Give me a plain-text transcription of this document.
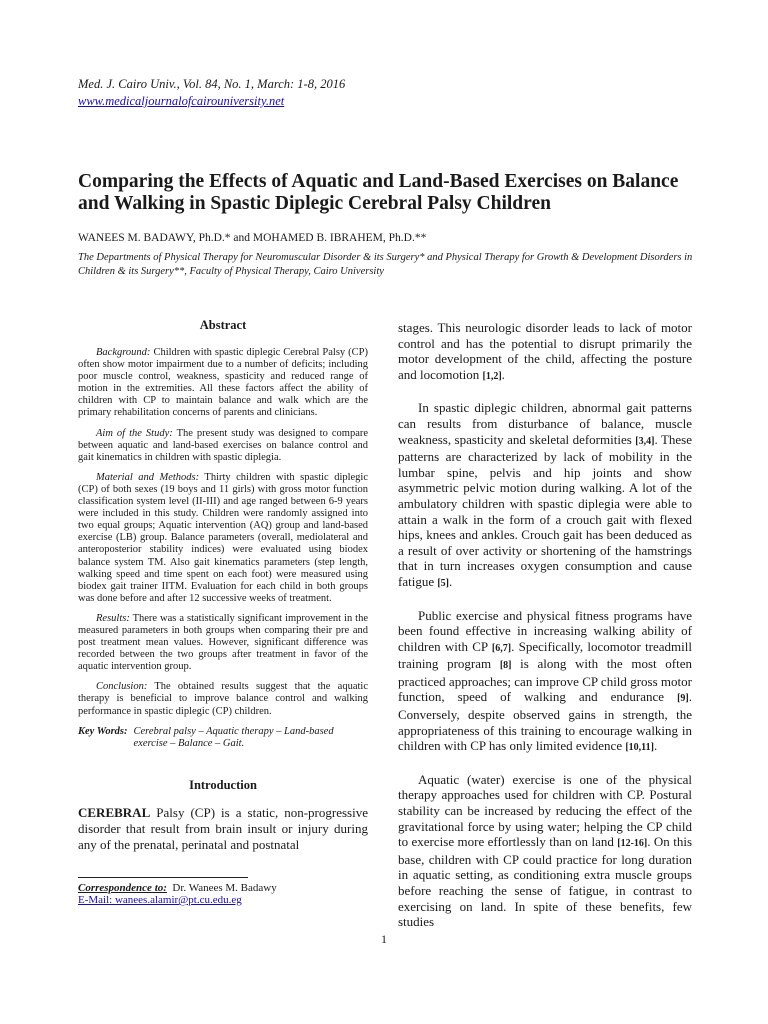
Med. J. Cairo Univ., Vol. 84, No. 1, March: 1-8, 2016
www.medicaljournalofcairouniversity.net
Comparing the Effects of Aquatic and Land-Based Exercises on Balance and Walking in Spastic Diplegic Cerebral Palsy Children
WANEES M. BADAWY, Ph.D.* and MOHAMED B. IBRAHEM, Ph.D.**
The Departments of Physical Therapy for Neuromuscular Disorder & its Surgery* and Physical Therapy for Growth & Development Disorders in Children & its Surgery**, Faculty of Physical Therapy, Cairo University
Abstract

Background: Children with spastic diplegic Cerebral Palsy (CP) often show motor impairment due to a number of deficits; including poor muscle control, weakness, spasticity and reduced range of motion in the extremities. All these factors affect the ability of children with CP to maintain balance and walk which are the primary rehabilitation concerns of parents and clinicians.

Aim of the Study: The present study was designed to compare between aquatic and land-based exercises on balance control and gait kinematics in children with spastic diplegia.

Material and Methods: Thirty children with spastic diplegic (CP) of both sexes (19 boys and 11 girls) with gross motor function classification system level (II-III) and age ranged between 6-9 years were included in this study. Children were randomly assigned into two equal groups; Aquatic intervention (AQ) group and land-based exercise (LB) group. Balance parameters (overall, mediolateral and anteroposterior stability indices) were evaluated using biodex balance system TM. Also gait kinematics parameters (step length, walking speed and time spent on each foot) were measured using biodex gait trainer IITM. Evaluation for each child in both groups was done before and after 12 successive weeks of treatment.

Results: There was a statistically significant improvement in the measured parameters in both groups when comparing their pre and post treatment mean values. However, significant difference was recorded between the two groups after treatment in favor of the aquatic intervention group.

Conclusion: The obtained results suggest that the aquatic therapy is beneficial to improve balance control and walking performance in spastic diplegic (CP) children.

Key Words: Cerebral palsy – Aquatic therapy – Land-based exercise – Balance – Gait.
Introduction

CEREBRAL Palsy (CP) is a static, non-progressive disorder that result from brain insult or injury during any of the prenatal, perinatal and postnatal

Correspondence to: Dr. Wanees M. Badawy
E-Mail: wanees.alamir@pt.cu.edu.eg

stages. This neurologic disorder leads to lack of motor control and has the potential to disrupt primarily the motor development of the child, affecting the posture and locomotion [1,2].

In spastic diplegic children, abnormal gait patterns can results from disturbance of balance, muscle weakness, spasticity and skeletal deformities [3,4]. These patterns are characterized by lack of mobility in the lumbar spine, pelvis and hip joints and show asymmetric pelvic motion during walking. A lot of the ambulatory children with spastic diplegia were able to attain a walk in the form of a crouch gait with flexed hips, knees and ankles. Crouch gait has been deduced as a result of over activity or shortening of the hamstrings that in turn increases oxygen consumption and cause fatigue [5].

Public exercise and physical fitness programs have been found effective in increasing walking ability of children with CP [6,7]. Specifically, locomotor treadmill training program [8] is along with the most often practiced approaches; can improve CP child gross motor function, speed of walking and endurance [9]. Conversely, despite observed gains in strength, the appropriateness of this training to encourage walking in children with CP has only limited evidence [10,11].

Aquatic (water) exercise is one of the physical therapy approaches used for children with CP. Postural stability can be increased by reducing the effect of the gravitational force by using water; helping the CP child to exercise more effortlessly than on land [12-16]. On this base, children with CP could practice for long duration in aquatic setting, as conditioning extra muscle groups before reaching the sense of fatigue, in contrast to exercising on land. In spite of these benefits, few studies

1
